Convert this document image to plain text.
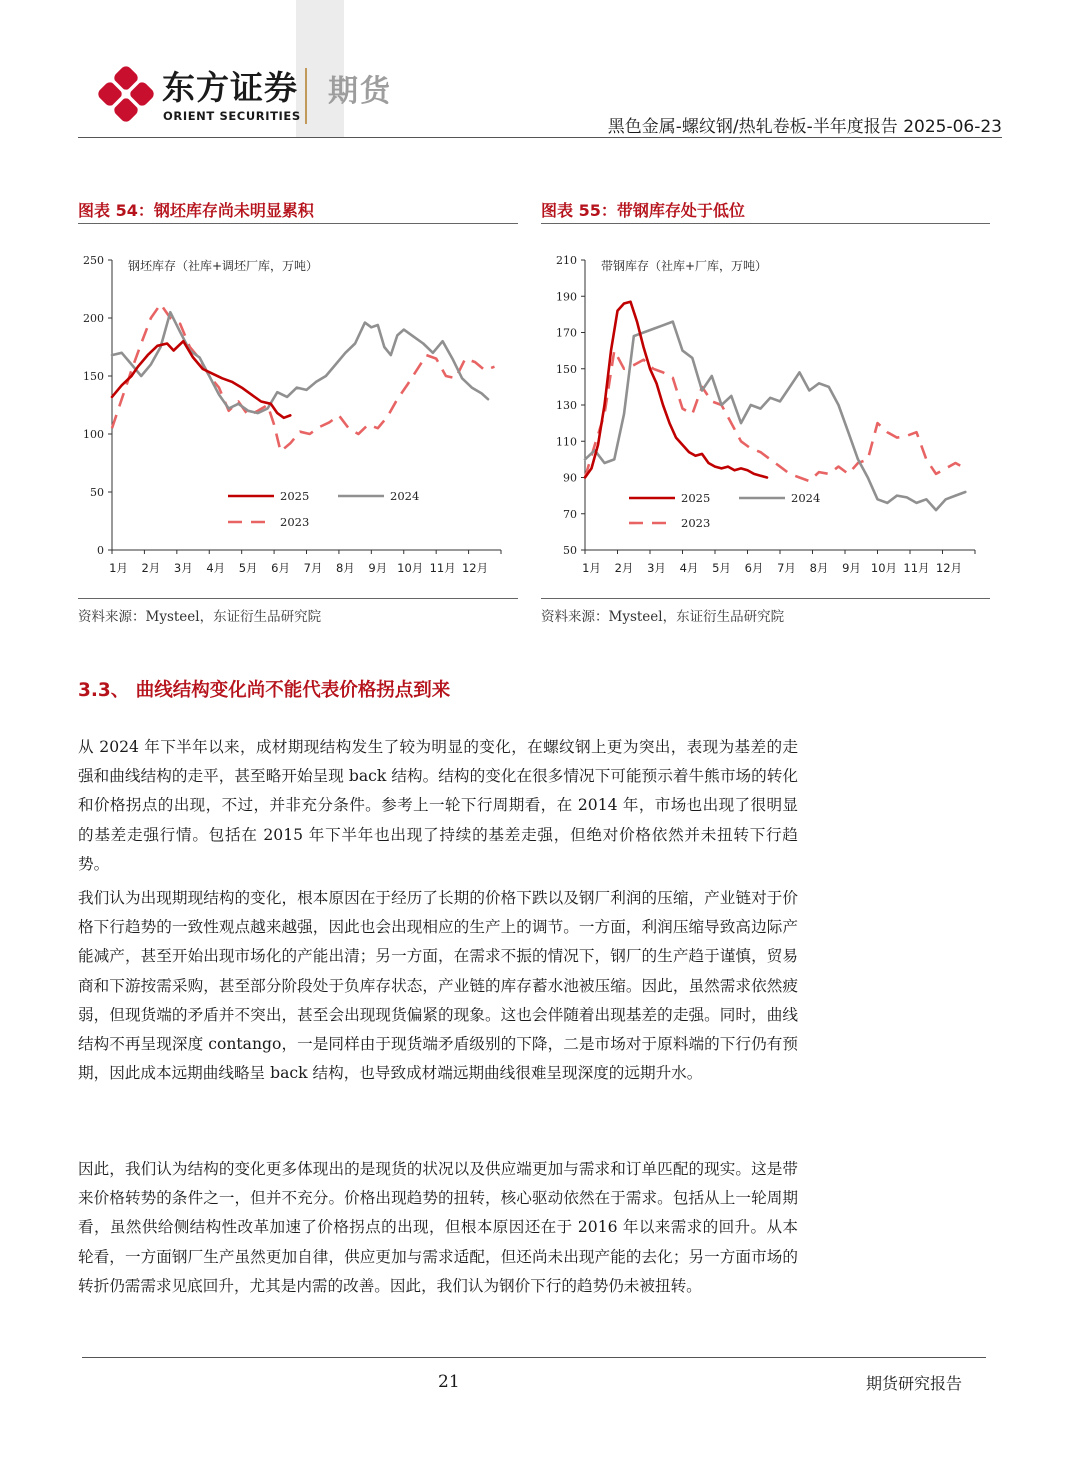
东方证券
ORIENT SECURITIES
期货
黑色金属-螺纹钢/热轧卷板-半年度报告 2025-06-23
图表 54：钢坯库存尚未明显累积
0
50
100
150
200
250
1月 2月 3月 4月 5月 6月 7月 8月 9月 10月 11月 12月
钢坯库存（社库+调坯厂库，万吨）
2025	2024
2023
资料来源：Mysteel，东证衍生品研究院
图表 55：带钢库存处于低位
50
70
90
110
130
150
170
190
210
1月 2月 3月 4月 5月 6月 7月 8月 9月 10月 11月 12月
带钢库存（社库+厂库，万吨）
2025	2024
2023
资料来源：Mysteel，东证衍生品研究院
3.3、 曲线结构变化尚不能代表价格拐点到来

从 2024 年下半年以来，成材期现结构发生了较为明显的变化，在螺纹钢上更为突出，表现为基差的走强和曲线结构的走平，甚至略开始呈现 back 结构。结构的变化在很多情况下可能预示着牛熊市场的转化和价格拐点的出现，不过，并非充分条件。参考上一轮下行周期看，在 2014 年，市场也出现了很明显的基差走强行情。包括在 2015 年下半年也出现了持续的基差走强，但绝对价格依然并未扭转下行趋势。

我们认为出现期现结构的变化，根本原因在于经历了长期的价格下跌以及钢厂利润的压缩，产业链对于价格下行趋势的一致性观点越来越强，因此也会出现相应的生产上的调节。一方面，利润压缩导致高边际产能减产，甚至开始出现市场化的产能出清；另一方面，在需求不振的情况下，钢厂的生产趋于谨慎，贸易商和下游按需采购，甚至部分阶段处于负库存状态，产业链的库存蓄水池被压缩。因此，虽然需求依然疲弱，但现货端的矛盾并不突出，甚至会出现现货偏紧的现象。这也会伴随着出现基差的走强。同时，曲线结构不再呈现深度 contango，一是同样由于现货端矛盾级别的下降，二是市场对于原料端的下行仍有预期，因此成本远期曲线略呈 back 结构，也导致成材端远期曲线很难呈现深度的远期升水。

因此，我们认为结构的变化更多体现出的是现货的状况以及供应端更加与需求和订单匹配的现实。这是带来价格转势的条件之一，但并不充分。价格出现趋势的扭转，核心驱动依然在于需求。包括从上一轮周期看，虽然供给侧结构性改革加速了价格拐点的出现，但根本原因还在于 2016 年以来需求的回升。从本轮看，一方面钢厂生产虽然更加自律，供应更加与需求适配，但还尚未出现产能的去化；另一方面市场的转折仍需需求见底回升，尤其是内需的改善。因此，我们认为钢价下行的趋势仍未被扭转。

21	期货研究报告
